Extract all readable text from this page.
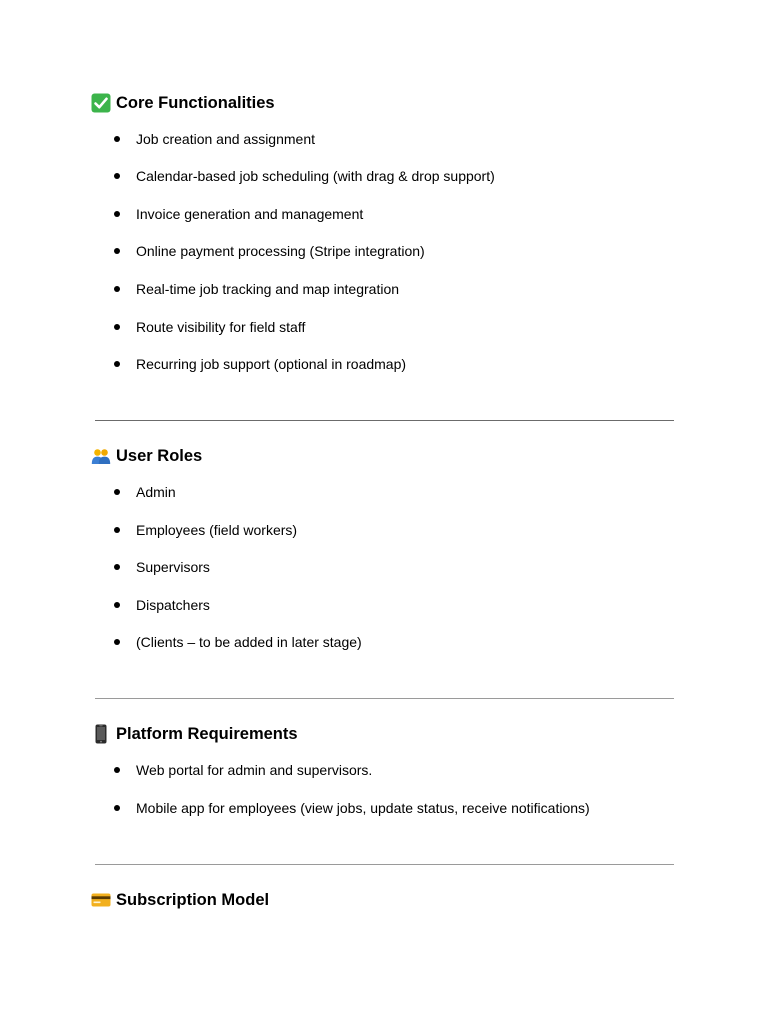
Core Functionalities
Job creation and assignment
Calendar-based job scheduling (with drag & drop support)
Invoice generation and management
Online payment processing (Stripe integration)
Real-time job tracking and map integration
Route visibility for field staff
Recurring job support (optional in roadmap)
User Roles
Admin
Employees (field workers)
Supervisors
Dispatchers
(Clients – to be added in later stage)
Platform Requirements
Web portal for admin and supervisors.
Mobile app for employees (view jobs, update status, receive notifications)
Subscription Model
